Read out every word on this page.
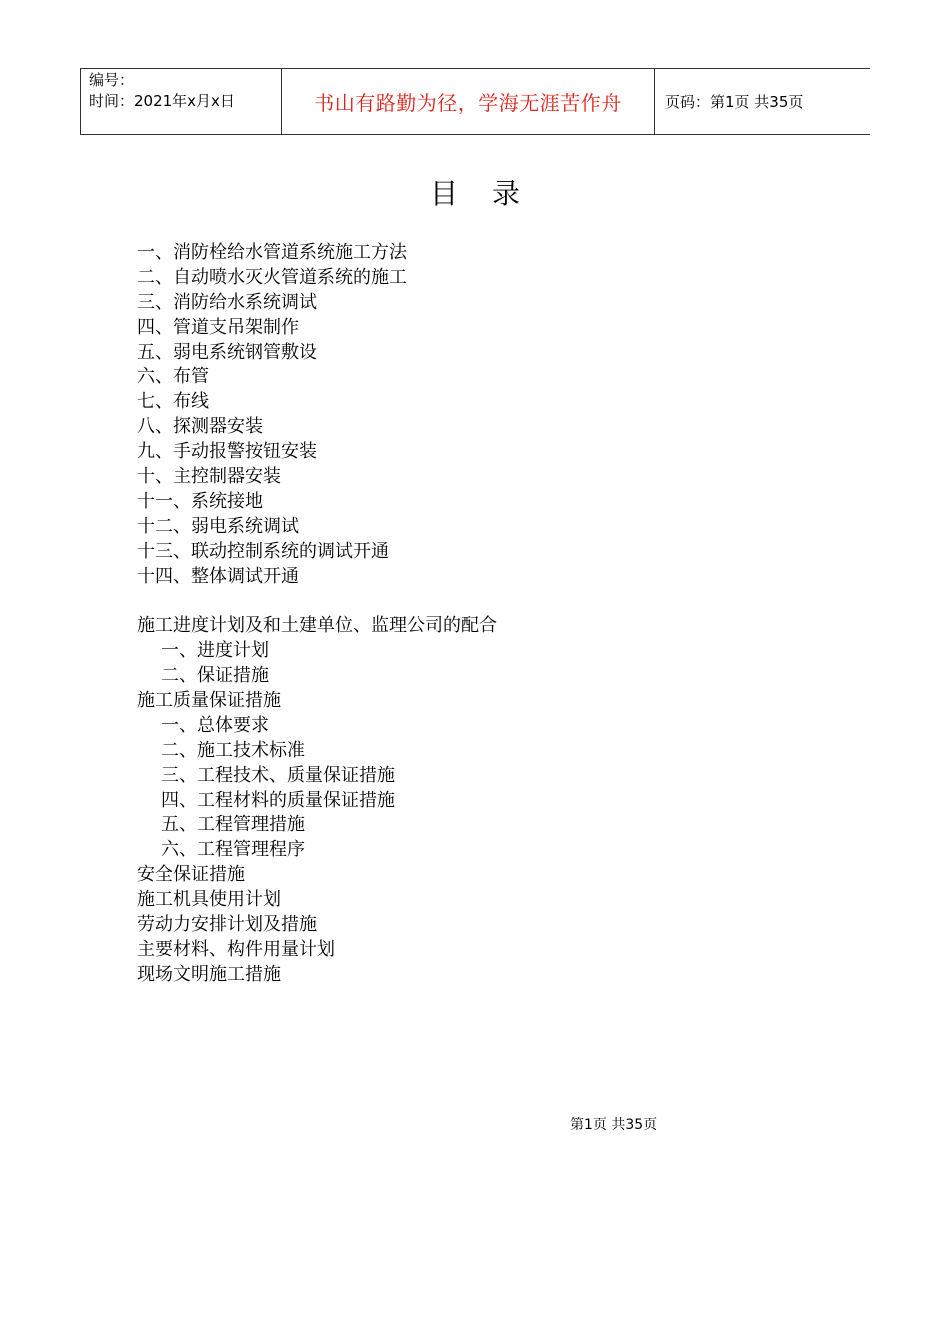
编号：
时间：2021年x月x日	书山有路勤为径，学海无涯苦作舟	页码：第1页 共35页
目录
一、消防栓给水管道系统施工方法
二、自动喷水灭火管道系统的施工
三、消防给水系统调试
四、管道支吊架制作
五、弱电系统钢管敷设
六、布管
七、布线
八、探测器安装
九、手动报警按钮安装
十、主控制器安装
十一、系统接地
十二、弱电系统调试
十三、联动控制系统的调试开通
十四、整体调试开通
施工进度计划及和土建单位、监理公司的配合
一、进度计划
二、保证措施
施工质量保证措施
一、总体要求
二、施工技术标准
三、工程技术、质量保证措施
四、工程材料的质量保证措施
五、工程管理措施
六、工程管理程序
安全保证措施
施工机具使用计划
劳动力安排计划及措施
主要材料、构件用量计划
现场文明施工措施
第1页 共35页
